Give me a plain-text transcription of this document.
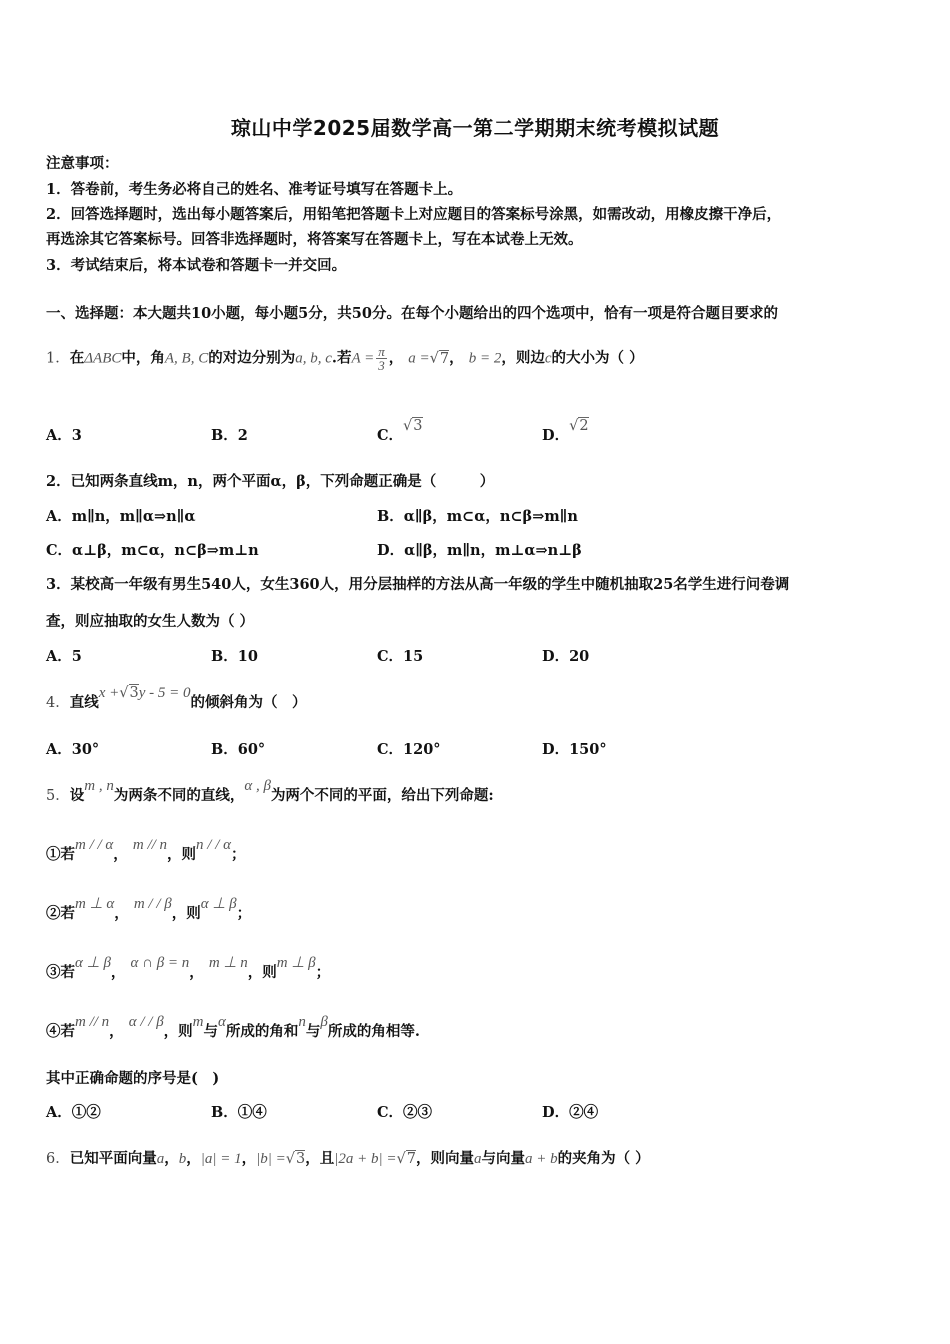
琼山中学2025届数学高一第二学期期末统考模拟试题
注意事项：
1．答卷前，考生务必将自己的姓名、准考证号填写在答题卡上。
2．回答选择题时，选出每小题答案后，用铅笔把答题卡上对应题目的答案标号涂黑，如需改动，用橡皮擦干净后，
再选涂其它答案标号。回答非选择题时，将答案写在答题卡上，写在本试卷上无效。
3．考试结束后，将本试卷和答题卡一并交回。
一、选择题：本大题共10小题，每小题5分，共50分。在每个小题给出的四个选项中，恰有一项是符合题目要求的
1．在ΔABC中，角A, B, C的对边分别为a, b, c.若$A = \frac{\pi}{3}$ ， a =√7， b = 2，则边c的大小为（ ）
A．3	B．2	C．√3
D．√2
2．已知两条直线m，n，两个平面α，β，下列命题正确是（　　　）
A．m∥n，m∥α⇒n∥α	B．α∥β，m⊂α，n⊂β⇒m∥n
C．α⊥β，m⊂α，n⊂β⇒m⊥n	D．α∥β，m∥n，m⊥α⇒n⊥β
3．某校高一年级有男生540人，女生360人，用分层抽样的方法从高一年级的学生中随机抽取25名学生进行问卷调
查，则应抽取的女生人数为（ ）
A．5	B．10	C．15	D．20
4．直线x +√3y - 5 = 0的倾斜角为（　）
A．30°	B．60°	C．120°	D．150°
5．设m , n为两条不同的直线，α , β为两个不同的平面，给出下列命题:
①若m / / α， m // n，则n / / α；
②若m ⊥ α， m / / β，则α ⊥ β；
③若α ⊥ β， α ∩ β = n， m ⊥ n，则m ⊥ β；
④若m // n， α / / β，则m与α所成的角和n与β所成的角相等.
其中正确命题的序号是(　)
A．①②	B．①④	C．②③	D．②④
6．已知平面向量a，b，|a| = 1，|b| =√3，且|2a + b| =√7，则向量a与向量a + b的夹角为（ ）
